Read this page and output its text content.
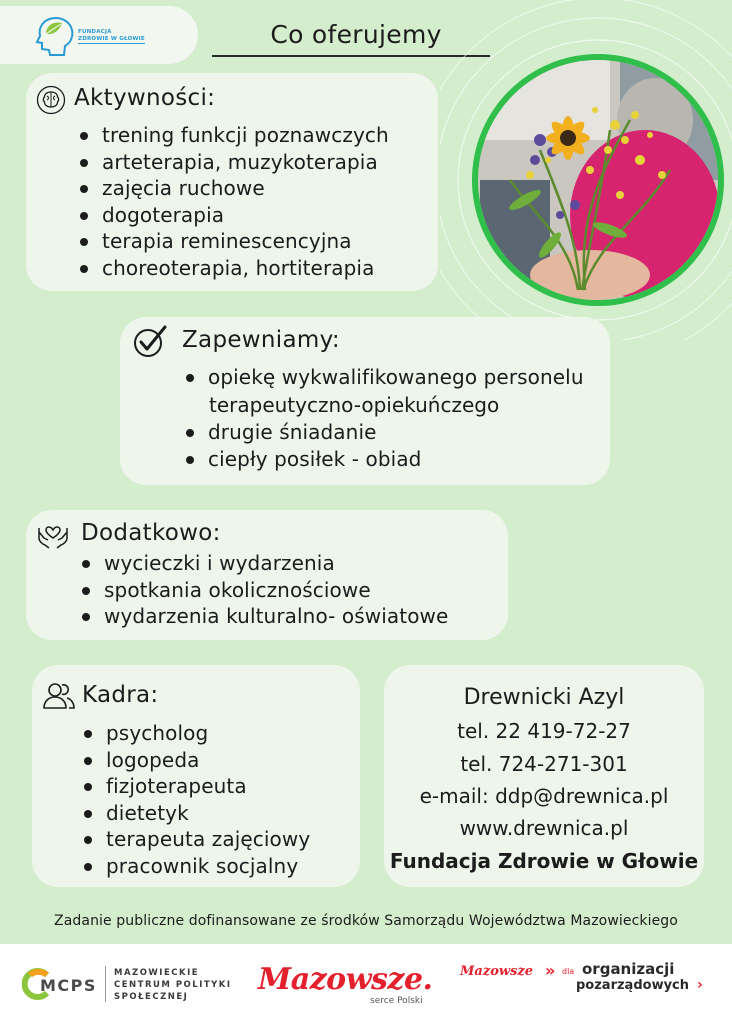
FUNDACJA
ZDROWIE W GŁOWIE	Co oferujemy
Aktywności:
trening funkcji poznawczych
arteterapia, muzykoterapia
zajęcia ruchowe
dogoterapia
terapia reminescencyjna
choreoterapia, hortiterapia
Zapewniamy:
opiekę wykwalifikowanego personelu
terapeutyczno-opiekuńczego
drugie śniadanie
ciepły posiłek - obiad
Dodatkowo:
wycieczki i wydarzenia
spotkania okolicznościowe
wydarzenia kulturalno- oświatowe
Kadra:
psycholog
logopeda
fizjoterapeuta
dietetyk
terapeuta zajęciowy
pracownik socjalny
Drewnicki Azyl
tel. 22 419-72-27
tel. 724-271-301
e-mail: ddp@drewnica.pl
www.drewnica.pl
Fundacja Zdrowie w Głowie
Zadanie publiczne dofinansowane ze środków Samorządu Województwa Mazowieckiego
MCPS
MAZOWIECKIE
CENTRUM POLITYKI
SPOŁECZNEJ	Mazowsze.
serce Polski
Mazowsze » dla organizacji
pozarządowych ›
